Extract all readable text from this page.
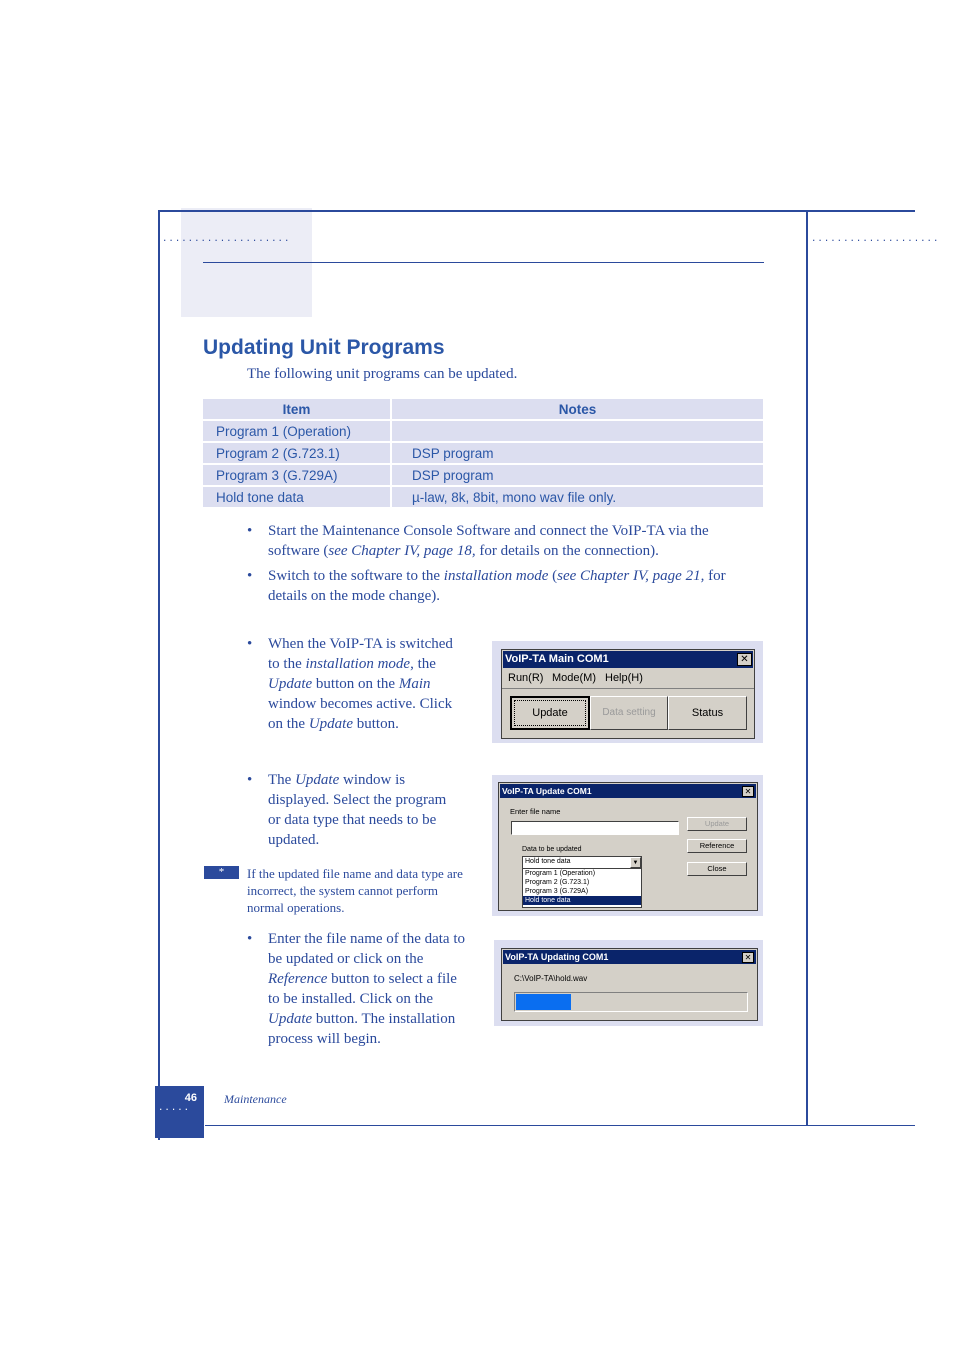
....................	....................
Updating Unit Programs
The following unit programs can be updated.
Item		Notes
Program 1 (Operation)		
Program 2 (G.723.1)		DSP program
Program 3 (G.729A)		DSP program
Hold tone data		µ-law, 8k, 8bit, mono wav file only.
• Start the Maintenance Console Software and connect the VoIP-TA via the software (see Chapter IV, page 18, for details on the connection).
• Switch to the software to the installation mode (see Chapter IV, page 21, for details on the mode change).
• When the VoIP-TA is switched to the installation mode, the Update button on the Main window becomes active. Click on the Update button.
• The Update window is displayed. Select the program or data type that needs to be updated.
*	If the updated file name and data type are incorrect, the system cannot perform normal operations.
• Enter the file name of the data to be updated or click on the Reference button to select a file to be installed. Click on the Update button. The installation process will begin.
VoIP-TA Main COM1	✕
Run(R) Mode(M) Help(H)
Update	Data setting	Status
VoIP-TA Update COM1	✕
Enter file name
Update
Reference
Close
Data to be updated
Hold tone data	▼
Program 1 (Operation)
Program 2 (G.723.1)
Program 3 (G.729A)
Hold tone data
VoIP-TA Updating COM1	✕
C:\VoIP-TA\hold.wav
46
.....
Maintenance
